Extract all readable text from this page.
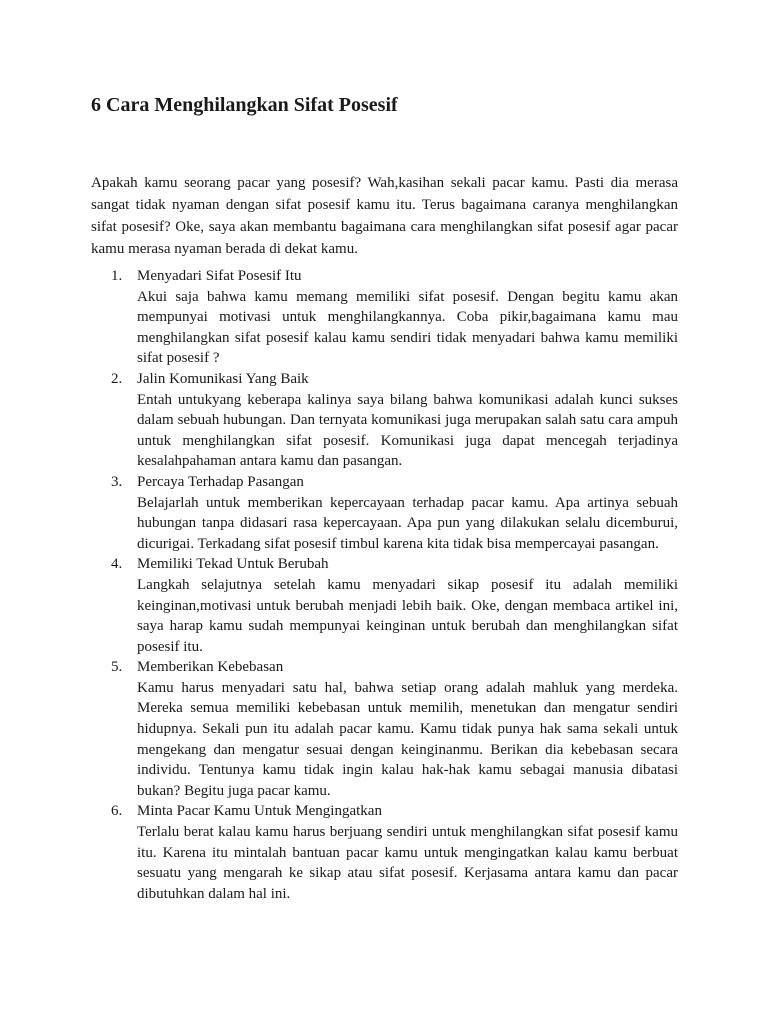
6 Cara Menghilangkan Sifat Posesif

Apakah kamu seorang pacar yang posesif? Wah,kasihan sekali pacar kamu. Pasti dia merasa sangat tidak nyaman dengan sifat posesif kamu itu. Terus bagaimana caranya menghilangkan sifat posesif? Oke, saya akan membantu bagaimana cara menghilangkan sifat posesif agar pacar kamu merasa nyaman berada di dekat kamu.

1. Menyadari Sifat Posesif Itu
Akui saja bahwa kamu memang memiliki sifat posesif. Dengan begitu kamu akan mempunyai motivasi untuk menghilangkannya. Coba pikir,bagaimana kamu mau menghilangkan sifat posesif kalau kamu sendiri tidak menyadari bahwa kamu memiliki sifat posesif ?
2. Jalin Komunikasi Yang Baik
Entah untukyang keberapa kalinya saya bilang bahwa komunikasi adalah kunci sukses dalam sebuah hubungan. Dan ternyata komunikasi juga merupakan salah satu cara ampuh untuk menghilangkan sifat posesif. Komunikasi juga dapat mencegah terjadinya kesalahpahaman antara kamu dan pasangan.
3. Percaya Terhadap Pasangan
Belajarlah untuk memberikan kepercayaan terhadap pacar kamu. Apa artinya sebuah hubungan tanpa didasari rasa kepercayaan. Apa pun yang dilakukan selalu dicemburui, dicurigai. Terkadang sifat posesif timbul karena kita tidak bisa mempercayai pasangan.
4. Memiliki Tekad Untuk Berubah
Langkah selajutnya setelah kamu menyadari sikap posesif itu adalah memiliki keinginan,motivasi untuk berubah menjadi lebih baik. Oke, dengan membaca artikel ini, saya harap kamu sudah mempunyai keinginan untuk berubah dan menghilangkan sifat posesif itu.
5. Memberikan Kebebasan
Kamu harus menyadari satu hal, bahwa setiap orang adalah mahluk yang merdeka. Mereka semua memiliki kebebasan untuk memilih, menetukan dan mengatur sendiri hidupnya. Sekali pun itu adalah pacar kamu. Kamu tidak punya hak sama sekali untuk mengekang dan mengatur sesuai dengan keinginanmu. Berikan dia kebebasan secara individu. Tentunya kamu tidak ingin kalau hak-hak kamu sebagai manusia dibatasi bukan? Begitu juga pacar kamu.
6. Minta Pacar Kamu Untuk Mengingatkan
Terlalu berat kalau kamu harus berjuang sendiri untuk menghilangkan sifat posesif kamu itu. Karena itu mintalah bantuan pacar kamu untuk mengingatkan kalau kamu berbuat sesuatu yang mengarah ke sikap atau sifat posesif. Kerjasama antara kamu dan pacar dibutuhkan dalam hal ini.
